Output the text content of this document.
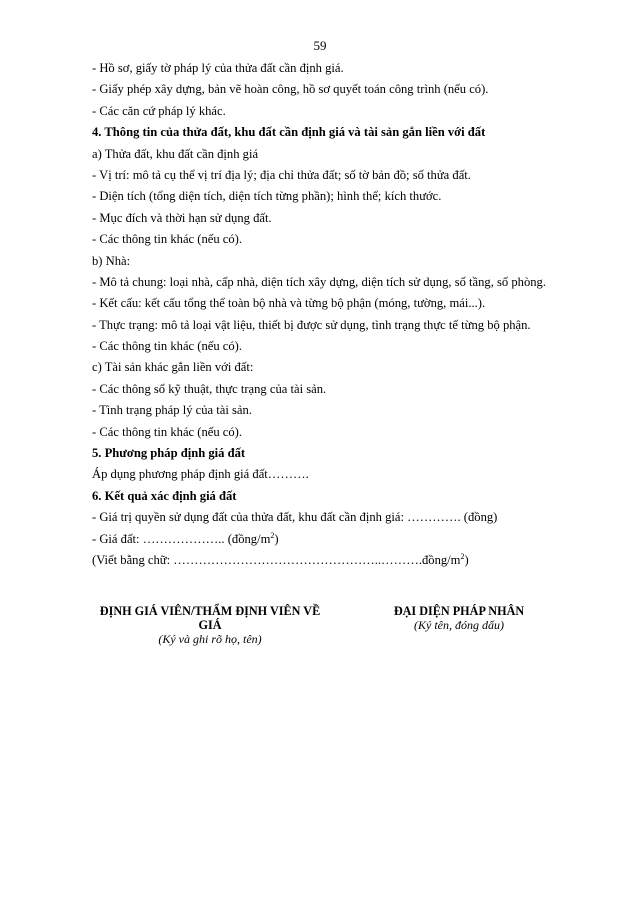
59
- Hồ sơ, giấy tờ pháp lý của thửa đất cần định giá.
- Giấy phép xây dựng, bản vẽ hoàn công, hồ sơ quyết toán công trình (nếu có).
- Các căn cứ pháp lý khác.
4. Thông tin của thửa đất, khu đất cần định giá và tài sản gắn liền với đất
a) Thửa đất, khu đất cần định giá
- Vị trí: mô tả cụ thể vị trí địa lý; địa chỉ thửa đất; số tờ bản đồ; số thửa đất.
- Diện tích (tổng diện tích, diện tích từng phần); hình thể; kích thước.
- Mục đích và thời hạn sử dụng đất.
- Các thông tin khác (nếu có).
b) Nhà:
- Mô tả chung: loại nhà, cấp nhà, diện tích xây dựng, diện tích sử dụng, số tầng, số phòng.
- Kết cấu: kết cấu tổng thể toàn bộ nhà và từng bộ phận (móng, tường, mái...).
- Thực trạng: mô tả loại vật liệu, thiết bị được sử dụng, tình trạng thực tế từng bộ phận.
- Các thông tin khác (nếu có).
c) Tài sản khác gắn liền với đất:
- Các thông số kỹ thuật, thực trạng của tài sản.
- Tình trạng pháp lý của tài sản.
- Các thông tin khác (nếu có).
5. Phương pháp định giá đất
Áp dụng phương pháp định giá đất……….
6. Kết quả xác định giá đất
- Giá trị quyền sử dụng đất của thửa đất, khu đất cần định giá: …………. (đồng)
- Giá đất: ……………….. $(đồng/m^2)$
(Viết bằng chữ: $\dots\dots\dots\dots\dots\dots\dots\dots\dots\dots\dots\dots\dots\dots\dots\dots..\dots\dots\dots.đồng/m^2$)
ĐỊNH GIÁ VIÊN/THẨM ĐỊNH VIÊN VỀ
GIÁ
(Ký và ghi rõ họ, tên)
ĐẠI DIỆN PHÁP NHÂN
(Ký tên, đóng dấu)
